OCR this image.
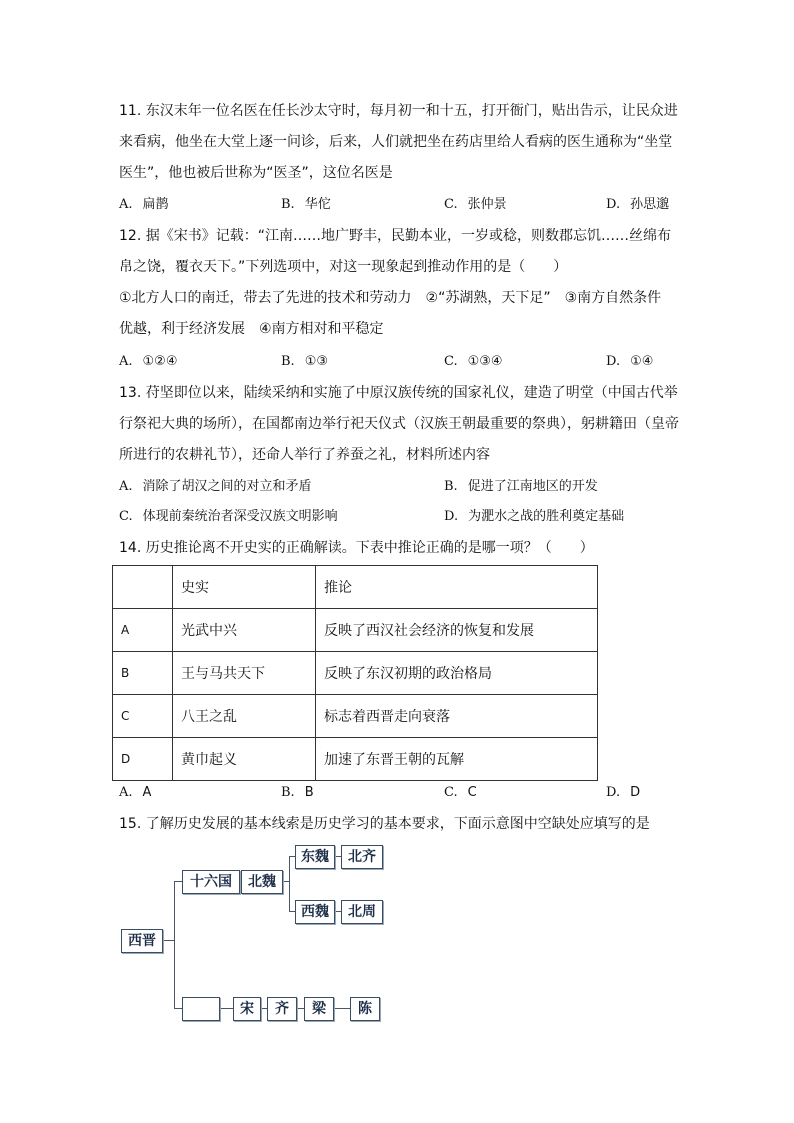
11. 东汉末年一位名医在任长沙太守时，每月初一和十五，打开衙门，贴出告示，让民众进
来看病，他坐在大堂上逐一问诊，后来，人们就把坐在药店里给人看病的医生通称为“坐堂
医生”，他也被后世称为“医圣”，这位名医是
A. 扁鹊	B. 华佗	C. 张仲景	D. 孙思邈
12. 据《宋书》记载：“江南……地广野丰，民勤本业，一岁或稔，则数郡忘饥……丝绵布
帛之饶，覆衣天下。”下列选项中，对这一现象起到推动作用的是（　　）
①北方人口的南迁，带去了先进的技术和劳动力　②“苏湖熟，天下足”　③南方自然条件
优越，利于经济发展　④南方相对和平稳定
A. ①②④	B. ①③	C. ①③④	D. ①④
13. 苻坚即位以来，陆续采纳和实施了中原汉族传统的国家礼仪，建造了明堂（中国古代举
行祭祀大典的场所），在国都南边举行祀天仪式（汉族王朝最重要的祭典），躬耕籍田（皇帝
所进行的农耕礼节），还命人举行了养蚕之礼，材料所述内容
A. 消除了胡汉之间的对立和矛盾	B. 促进了江南地区的开发
C. 体现前秦统治者深受汉族文明影响	D. 为淝水之战的胜利奠定基础
14. 历史推论离不开史实的正确解读。下表中推论正确的是哪一项？（　　）
	史实	推论
A	光武中兴	反映了西汉社会经济的恢复和发展
B	王与马共天下	反映了东汉初期的政治格局
C	八王之乱	标志着西晋走向衰落
D	黄巾起义	加速了东晋王朝的瓦解
A. A	B. B	C. C	D. D
15. 了解历史发展的基本线索是历史学习的基本要求，下面示意图中空缺处应填写的是
西晋
十六国	北魏
东魏	北齐
西魏	北周
宋	齐	梁	陈
